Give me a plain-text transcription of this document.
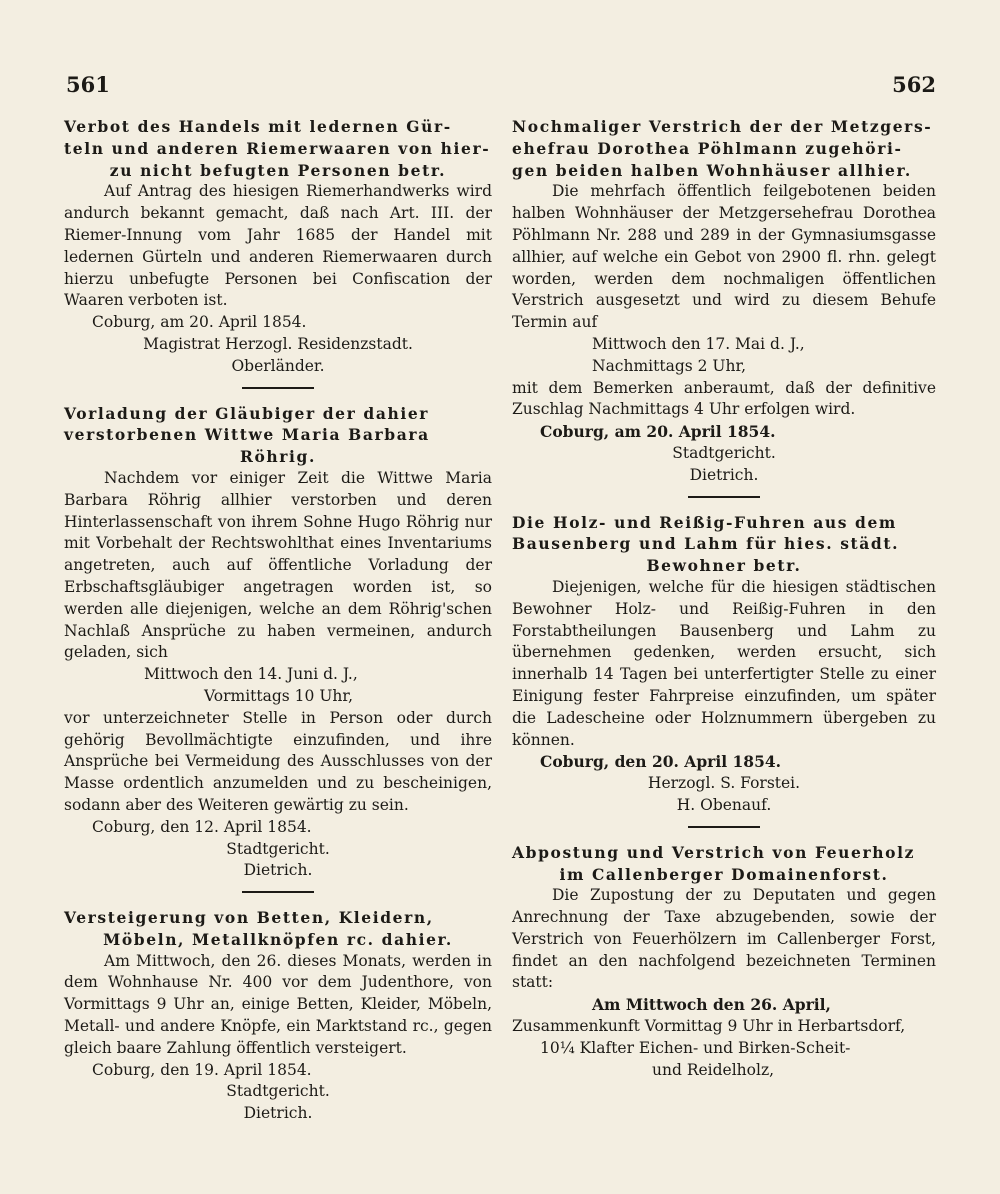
561	562

Verbot des Handels mit ledernen Gür-

teln und anderen Riemerwaaren von hier-

zu nicht befugten Personen betr.

Auf Antrag des hiesigen Riemerhandwerks wird andurch bekannt gemacht, daß nach Art. III. der Riemer-Innung vom Jahr 1685 der Handel mit ledernen Gürteln und anderen Riemerwaaren durch hierzu unbefugte Personen bei Confiscation der Waaren verboten ist.

Coburg, am 20. April 1854.

Magistrat Herzogl. Residenzstadt.

Oberländer.

Vorladung der Gläubiger der dahier

verstorbenen Wittwe Maria Barbara

Röhrig.

Nachdem vor einiger Zeit die Wittwe Maria Barbara Röhrig allhier verstorben und deren Hinterlassenschaft von ihrem Sohne Hugo Röhrig nur mit Vorbehalt der Rechtswohlthat eines Inventariums angetreten, auch auf öffentliche Vorladung der Erbschaftsgläubiger angetragen worden ist, so werden alle diejenigen, welche an dem Röhrig'schen Nachlaß Ansprüche zu haben vermeinen, andurch geladen, sich

Mittwoch den 14. Juni d. J.,

Vormittags 10 Uhr,

vor unterzeichneter Stelle in Person oder durch gehörig Bevollmächtigte einzufinden, und ihre Ansprüche bei Vermeidung des Ausschlusses von der Masse ordentlich anzumelden und zu bescheinigen, sodann aber des Weiteren gewärtig zu sein.

Coburg, den 12. April 1854.

Stadtgericht.

Dietrich.

Versteigerung von Betten, Kleidern,

Möbeln, Metallknöpfen rc. dahier.

Am Mittwoch, den 26. dieses Monats, werden in dem Wohnhause Nr. 400 vor dem Judenthore, von Vormittags 9 Uhr an, einige Betten, Kleider, Möbeln, Metall- und andere Knöpfe, ein Marktstand rc., gegen gleich baare Zahlung öffentlich versteigert.

Coburg, den 19. April 1854.

Stadtgericht.

Dietrich.

Nochmaliger Verstrich der der Metzgers-

ehefrau Dorothea Pöhlmann zugehöri-

gen beiden halben Wohnhäuser allhier.

Die mehrfach öffentlich feilgebotenen beiden halben Wohnhäuser der Metzgersehefrau Dorothea Pöhlmann Nr. 288 und 289 in der Gymnasiumsgasse allhier, auf welche ein Gebot von 2900 fl. rhn. gelegt worden, werden dem nochmaligen öffentlichen Verstrich ausgesetzt und wird zu diesem Behufe Termin auf

Mittwoch den 17. Mai d. J.,

Nachmittags 2 Uhr,

mit dem Bemerken anberaumt, daß der definitive Zuschlag Nachmittags 4 Uhr erfolgen wird.

Coburg, am 20. April 1854.

Stadtgericht.

Dietrich.

Die Holz- und Reißig-Fuhren aus dem

Bausenberg und Lahm für hies. städt.

Bewohner betr.

Diejenigen, welche für die hiesigen städtischen Bewohner Holz- und Reißig-Fuhren in den Forstabtheilungen Bausenberg und Lahm zu übernehmen gedenken, werden ersucht, sich innerhalb 14 Tagen bei unterfertigter Stelle zu einer Einigung fester Fahrpreise einzufinden, um später die Ladescheine oder Holznummern übergeben zu können.

Coburg, den 20. April 1854.

Herzogl. S. Forstei.

H. Obenauf.

Abpostung und Verstrich von Feuerholz

im Callenberger Domainenforst.

Die Zupostung der zu Deputaten und gegen Anrechnung der Taxe abzugebenden, sowie der Verstrich von Feuerhölzern im Callenberger Forst, findet an den nachfolgend bezeichneten Terminen statt:

Am Mittwoch den 26. April,

Zusammenkunft Vormittag 9 Uhr in Herbartsdorf,

10¼ Klafter Eichen- und Birken-Scheit-

und Reidelholz,
